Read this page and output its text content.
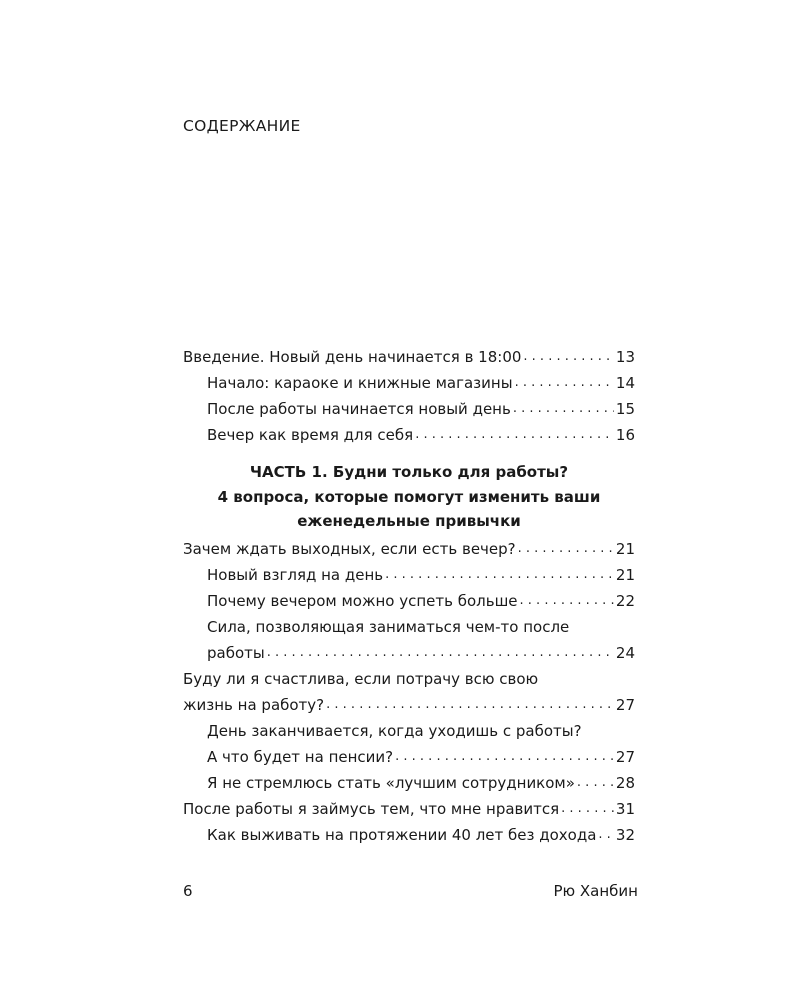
СОДЕРЖАНИЕ
Введение. Новый день начинается в 18:00 . . .	13
Начало: караоке и книжные магазины . . .	14
После работы начинается новый день . . .	15
Вечер как время для себя . . .	16
ЧАСТЬ 1. Будни только для работы?
4 вопроса, которые помогут изменить ваши
еженедельные привычки
Зачем ждать выходных, если есть вечер? . . .	21
Новый взгляд на день . . .	21
Почему вечером можно успеть больше . . .	22
Сила, позволяющая заниматься чем-то после
работы . . .	24
Буду ли я счастлива, если потрачу всю свою
жизнь на работу? . . .	27
День заканчивается, когда уходишь с работы?
А что будет на пенсии? . . .	27
Я не стремлюсь стать «лучшим сотрудником» . . .	28
После работы я займусь тем, что мне нравится . . .	31
Как выживать на протяжении 40 лет без дохода . . . 32
6	Рю Ханбин
